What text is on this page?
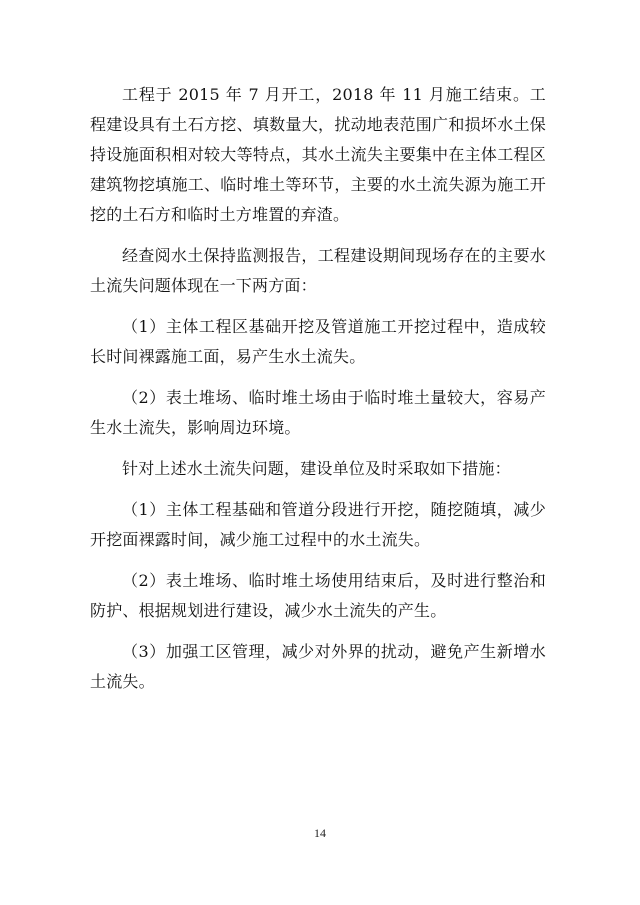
工程于 2015 年 7 月开工，2018 年 11 月施工结束。工程建设具有土石方挖、填数量大，扰动地表范围广和损坏水土保持设施面积相对较大等特点，其水土流失主要集中在主体工程区建筑物挖填施工、临时堆土等环节，主要的水土流失源为施工开挖的土石方和临时土方堆置的弃渣。

经查阅水土保持监测报告，工程建设期间现场存在的主要水土流失问题体现在一下两方面：

（1）主体工程区基础开挖及管道施工开挖过程中，造成较长时间裸露施工面，易产生水土流失。

（2）表土堆场、临时堆土场由于临时堆土量较大，容易产生水土流失，影响周边环境。

针对上述水土流失问题，建设单位及时采取如下措施：

（1）主体工程基础和管道分段进行开挖，随挖随填，减少开挖面裸露时间，减少施工过程中的水土流失。

（2）表土堆场、临时堆土场使用结束后，及时进行整治和防护、根据规划进行建设，减少水土流失的产生。

（3）加强工区管理，减少对外界的扰动，避免产生新增水土流失。

14
